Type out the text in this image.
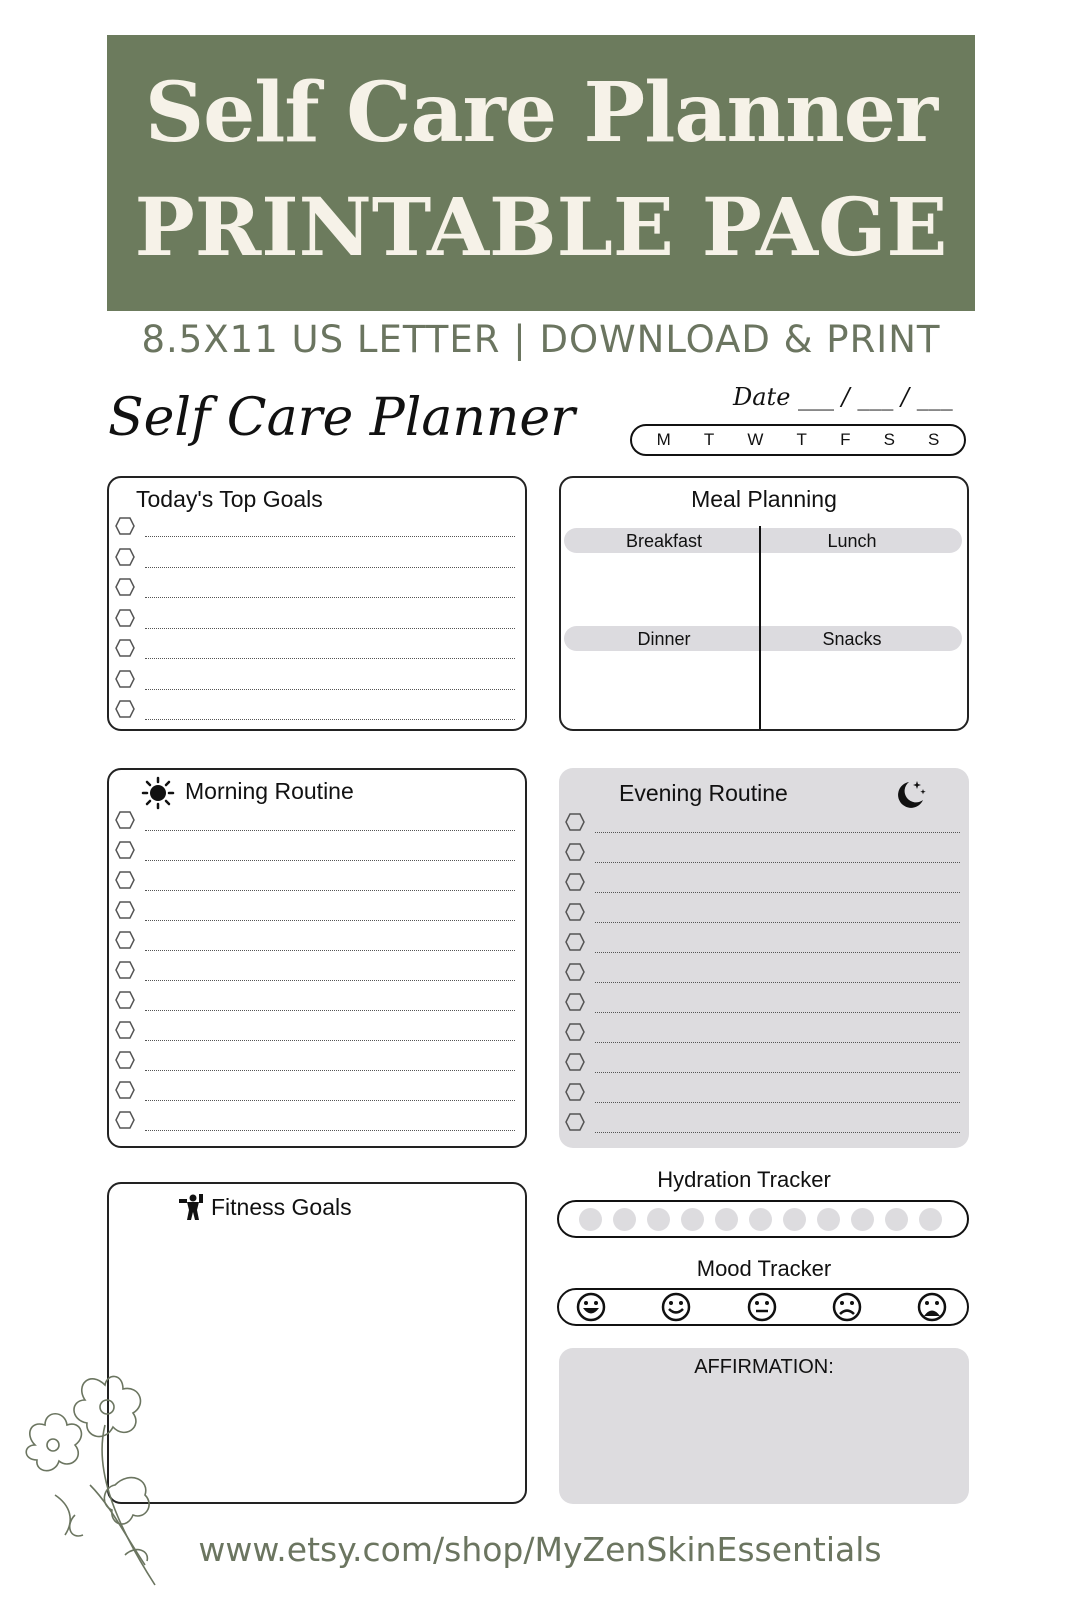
Self Care Planner
PRINTABLE PAGE
8.5X11 US LETTER | DOWNLOAD & PRINT
Self Care Planner	Date ___ / ___ / ___
M T W T F S S
Today's Top Goals	Meal Planning
Breakfast	Lunch
Dinner	Snacks
Morning Routine	Evening Routine
Fitness Goals
Hydration Tracker
Mood Tracker
AFFIRMATION:
www.etsy.com/shop/MyZenSkinEssentials
